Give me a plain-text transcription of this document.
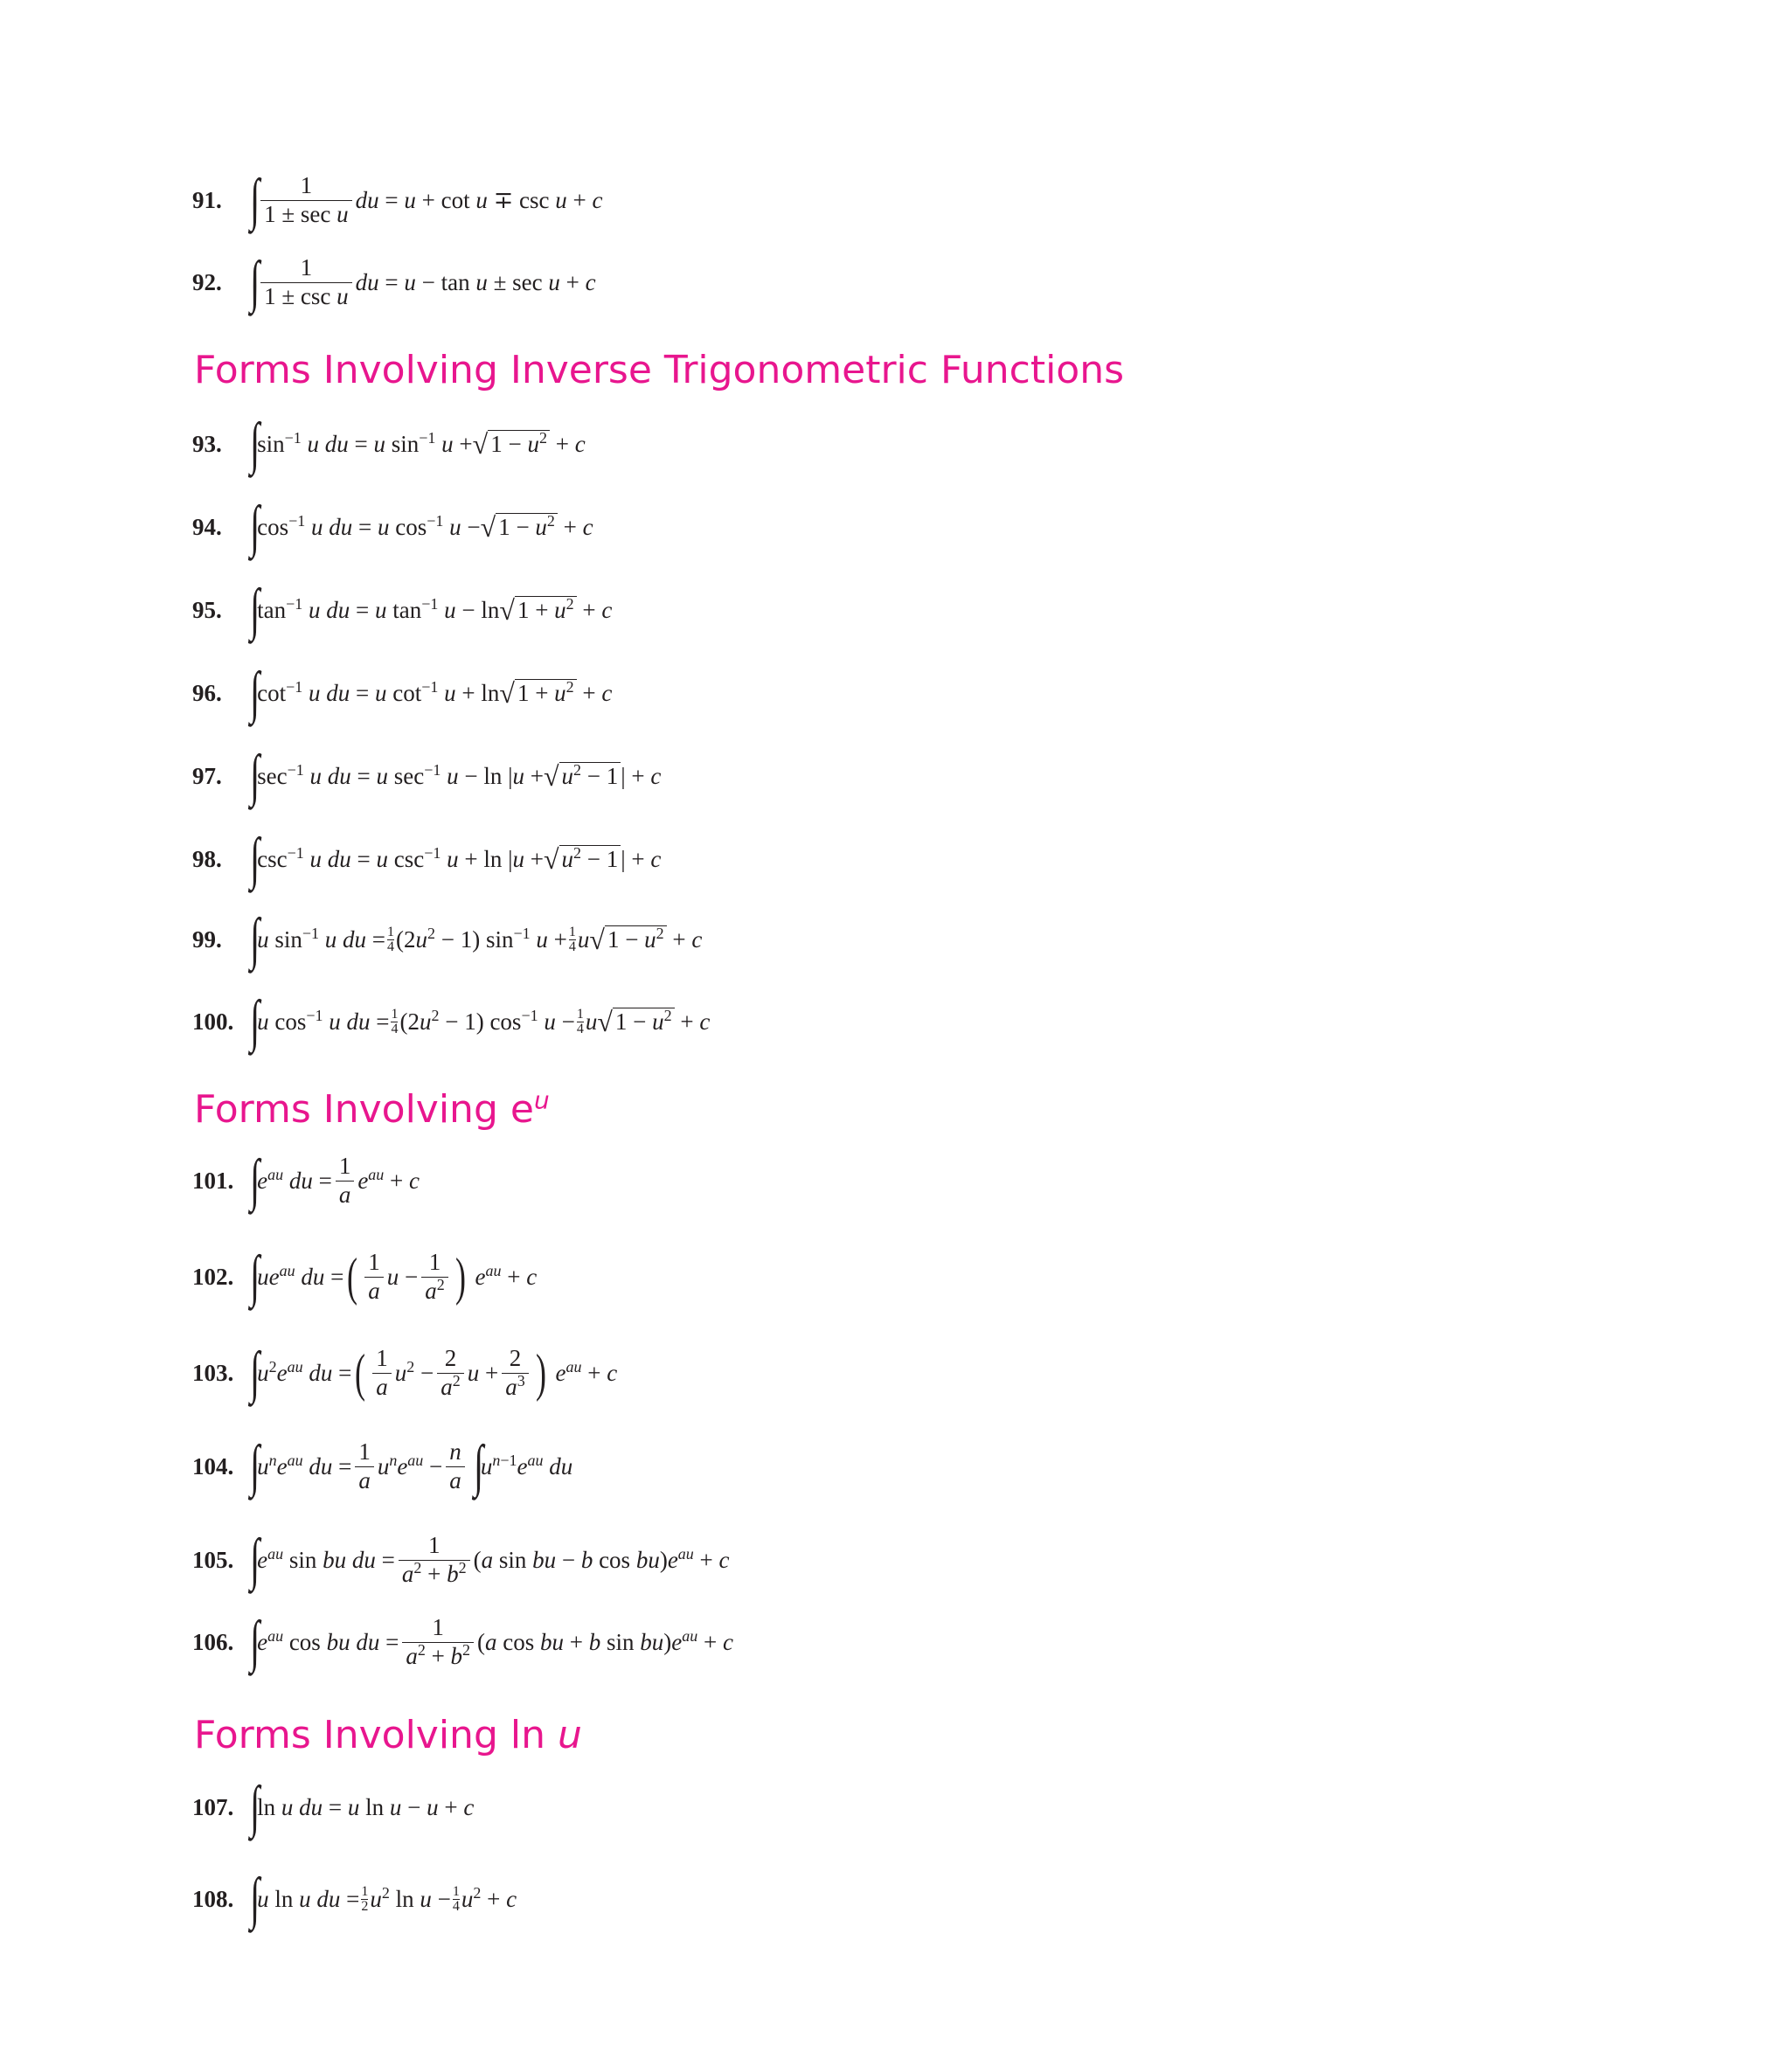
91. ∫ $\frac{1}{\text{1 ± sec u}}$ du = u + cot u ∓ csc u + c
92. ∫ $\frac{1}{\text{1 ± csc u}}$ du = u − tan u ± sec u + c
Forms Involving Inverse Trigonometric Functions
93. ∫
$\sin^{-1} u$ du = u $\sin^{-1} u$ + √ $1 - u^2 + c$
94. ∫
$\cos^{-1} u$ du = u $\cos^{-1} u$ − √ $1 - u^2 + c$
95. ∫
$\tan^{-1} u$ du = u $\tan^{-1} u - \ln$ √ $1 + u^2 + c$
96. ∫
$\cot^{-1} u$ du = u $\cot^{-1} u + \ln$ √ $1 + u^2 + c$
97. ∫
$\sec^{-1} u$ du = u $\sec^{-1} u - \ln |u$ + √ $u^2 - 1$ | + c
98. ∫
$\csc^{-1} u$ du = u $\csc^{-1} u + \ln |u$ + √ $u^2 - 1$ | + c
99. ∫
u $\sin^{-1} u$ du = $\frac{1}{4} (2u^2 - 1)$ $\sin^{-1} u + \frac{1}{4}$ u √ $1 - u^2 + c$
100. ∫
u $\cos^{-1} u$ du = $\frac{1}{4} (2u^2 - 1)$ $\cos^{-1} u - \frac{1}{4}$ u √ $1 - u^2 + c$
Forms Involving $e^u$
101. ∫
$e^{au}$ du = $\frac{1}{a} e^{au} + c$
102. ∫
$ue^{au}$ du = ( $\frac{1}{a}$ $u - \frac{1}{a^2}$ ) $e^{au} + c$
103. ∫
$u^2e^{au}$ du = ( $\frac{1}{a} u^2 - \frac{2}{a^2}$ $u + \frac{2}{a^3}$ ) $e^{au} + c$
104. ∫
$u^ne^{au}$ du = $\frac{1}{a} u^ne^{au} - \frac{n}{a}$ ∫
$u^{n-1}e^{au}$ du
105. ∫
$e^{au}$ sin bu du = $\frac{1}{a^2 + b^2} (a$ sin bu − b $\cos bu)e^{au} + c$
106. ∫
$e^{au}$ cos bu du = $\frac{1}{a^2 + b^2} (a$ cos bu + b $\sin bu)e^{au} + c$
Forms Involving ln u
107. ∫
ln u du = u ln u − u + c
108. ∫
u ln u du = $\frac{1}{2} u^2$ $\ln u - \frac{1}{4} u^2 + c$
